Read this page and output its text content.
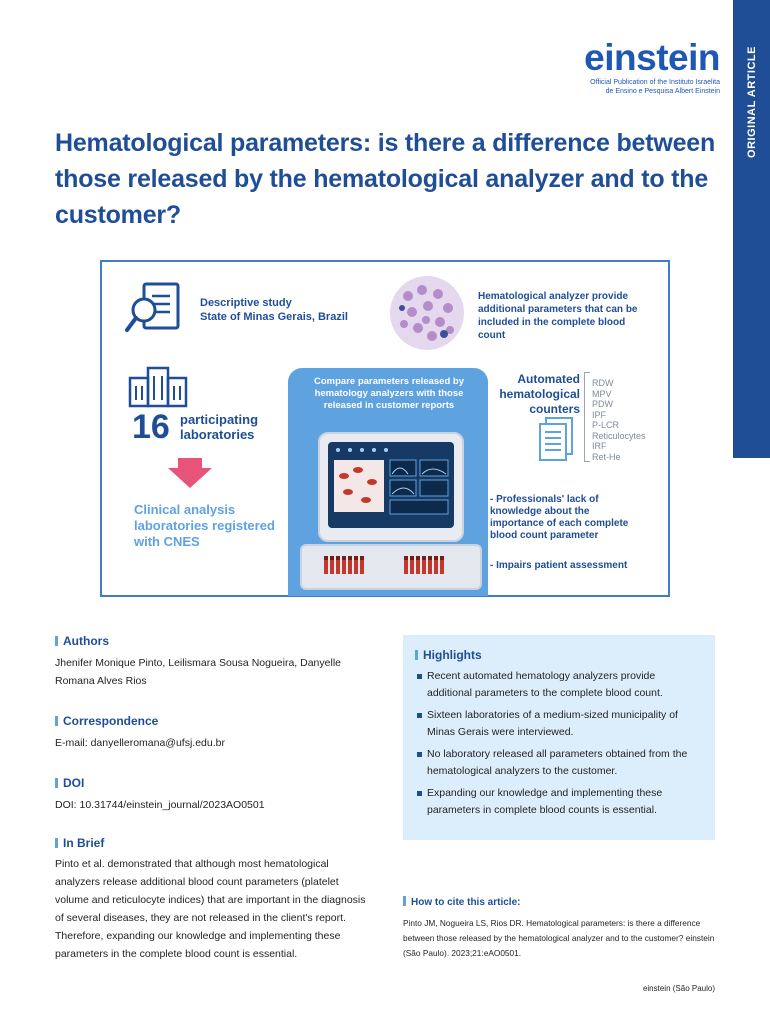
ORIGINAL ARTICLE
einstein
Official Publication of the Instituto Israelita
de Ensino e Pesquisa Albert Einstein
Hematological parameters: is there a difference between those released by the hematological analyzer and to the customer?
Descriptive study
State of Minas Gerais, Brazil
Hematological analyzer provide additional parameters that can be included in the complete blood count
16 participating laboratories
Clinical analysis laboratories registered with CNES
Compare parameters released by hematology analyzers with those released in customer reports
Automated hematological counters
RDW
MPV
PDW
IPF
P-LCR
Reticulocytes
IRF
Ret-He
- Professionals' lack of knowledge about the importance of each complete blood count parameter
- Impairs patient assessment
Authors
Jhenifer Monique Pinto, Leilismara Sousa Nogueira, Danyelle Romana Alves Rios
Correspondence
E-mail: danyelleromana@ufsj.edu.br
DOI
DOI: 10.31744/einstein_journal/2023AO0501
In Brief
Pinto et al. demonstrated that although most hematological analyzers release additional blood count parameters (platelet volume and reticulocyte indices) that are important in the diagnosis of several diseases, they are not released in the client's report. Therefore, expanding our knowledge and implementing these parameters in the complete blood count is essential.
Highlights
Recent automated hematology analyzers provide additional parameters to the complete blood count.
Sixteen laboratories of a medium-sized municipality of Minas Gerais were interviewed.
No laboratory released all parameters obtained from the hematological analyzers to the customer.
Expanding our knowledge and implementing these parameters in complete blood counts is essential.
How to cite this article:
Pinto JM, Nogueira LS, Rios DR. Hematological parameters: is there a difference between those released by the hematological analyzer and to the customer? einstein (São Paulo). 2023;21:eAO0501.
einstein (São Paulo)
